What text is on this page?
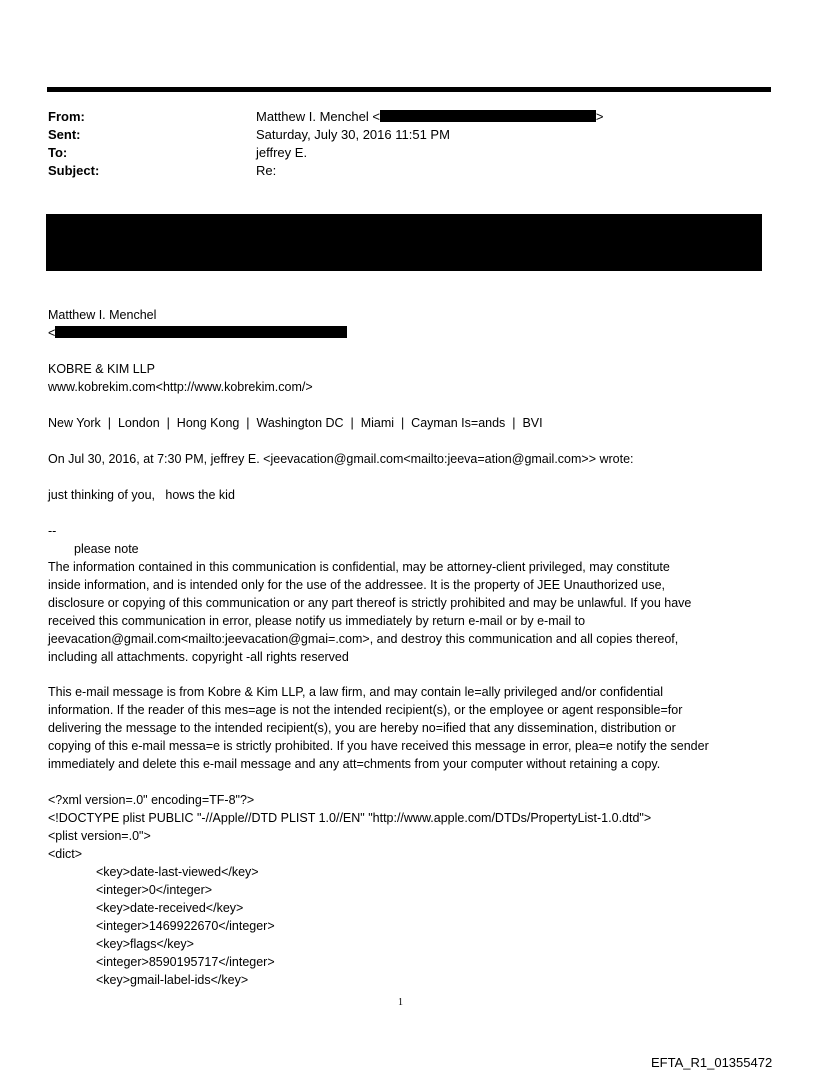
From:	Matthew I. Menchel <	>
Sent:	Saturday, July 30, 2016 11:51 PM
To:	jeffrey E.
Subject:	Re:
Matthew I. Menchel
<
KOBRE & KIM LLP
www.kobrekim.com<http://www.kobrekim.com/>
New York  |  London  |  Hong Kong  |  Washington DC  |  Miami  |  Cayman Is=ands  |  BVI
On Jul 30, 2016, at 7:30 PM, jeffrey E. <jeevacation@gmail.com<mailto:jeeva=ation@gmail.com>> wrote:
just thinking of you,   hows the kid
--
please note
The information contained in this communication is confidential, may be attorney-client privileged, may constitute
inside information, and is intended only for the use of the addressee. It is the property of JEE Unauthorized use,
disclosure or copying of this communication or any part thereof is strictly prohibited and may be unlawful. If you have
received this communication in error, please notify us immediately by return e-mail or by e-mail to
jeevacation@gmail.com<mailto:jeevacation@gmai=.com>, and destroy this communication and all copies thereof,
including all attachments. copyright -all rights reserved
This e-mail message is from Kobre & Kim LLP, a law firm, and may contain le=ally privileged and/or confidential
information. If the reader of this mes=age is not the intended recipient(s), or the employee or agent responsible=for
delivering the message to the intended recipient(s), you are hereby no=ified that any dissemination, distribution or
copying of this e-mail messa=e is strictly prohibited. If you have received this message in error, plea=e notify the sender
immediately and delete this e-mail message and any att=chments from your computer without retaining a copy.
<?xml version=.0" encoding=TF-8"?>
<!DOCTYPE plist PUBLIC "-//Apple//DTD PLIST 1.0//EN" "http://www.apple.com/DTDs/PropertyList-1.0.dtd">
<plist version=.0">
<dict>
<key>date-last-viewed</key>
<integer>0</integer>
<key>date-received</key>
<integer>1469922670</integer>
<key>flags</key>
<integer>8590195717</integer>
<key>gmail-label-ids</key>
1
EFTA_R1_01355472
